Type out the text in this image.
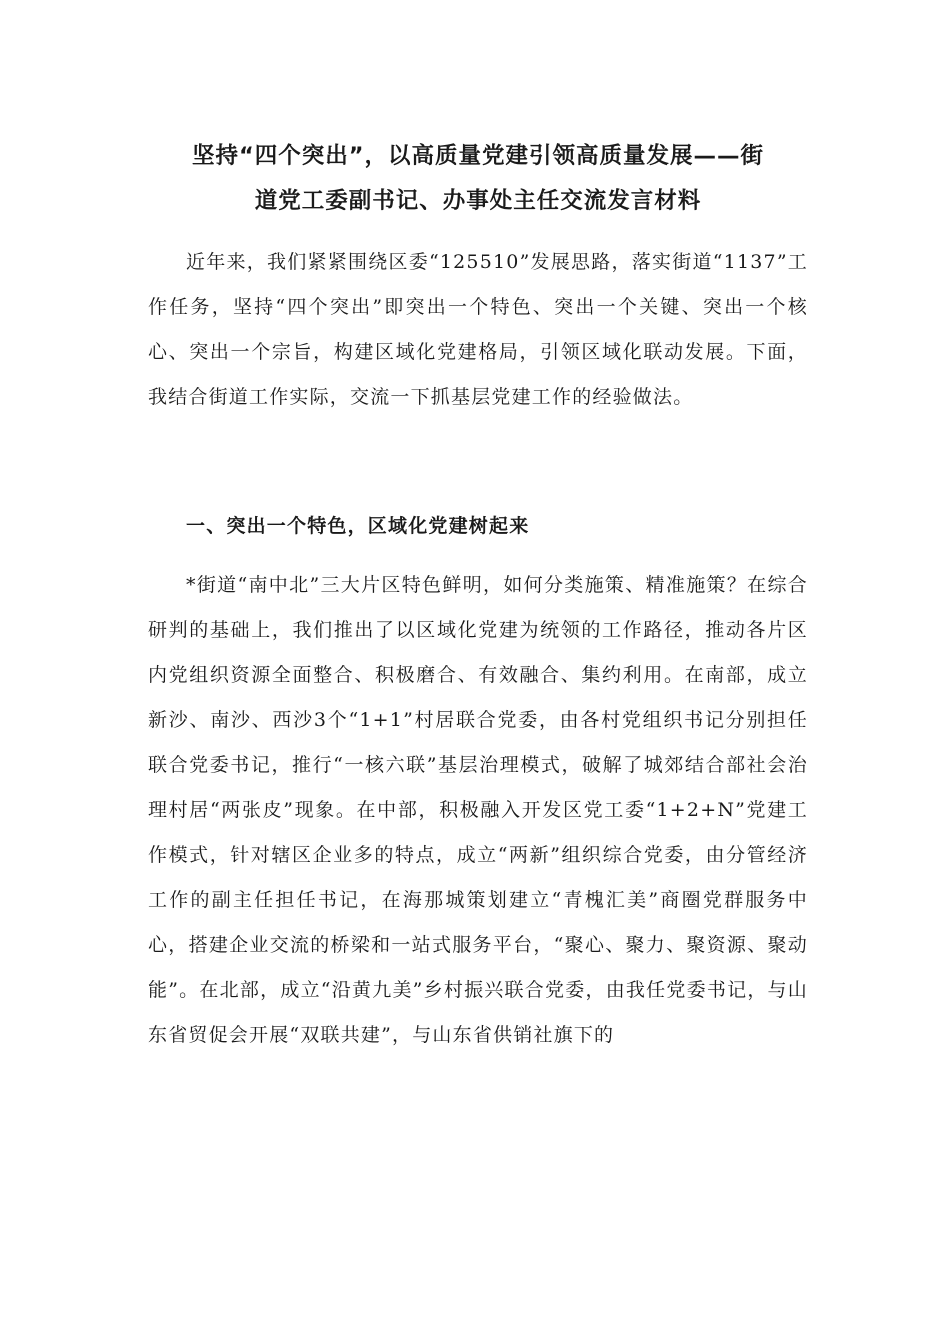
坚持“四个突出”，以高质量党建引领高质量发展——街
道党工委副书记、办事处主任交流发言材料

近年来，我们紧紧围绕区委“125510”发展思路，落实街道“1137”工作任务，坚持“四个突出”即突出一个特色、突出一个关键、突出一个核心、突出一个宗旨，构建区域化党建格局，引领区域化联动发展。下面，我结合街道工作实际，交流一下抓基层党建工作的经验做法。

一、突出一个特色，区域化党建树起来

*街道“南中北”三大片区特色鲜明，如何分类施策、精准施策？在综合研判的基础上，我们推出了以区域化党建为统领的工作路径，推动各片区内党组织资源全面整合、积极磨合、有效融合、集约利用。在南部，成立新沙、南沙、西沙3个“1+1”村居联合党委，由各村党组织书记分别担任联合党委书记，推行“一核六联”基层治理模式，破解了城郊结合部社会治理村居“两张皮”现象。在中部，积极融入开发区党工委“1+2+N”党建工作模式，针对辖区企业多的特点，成立“两新”组织综合党委，由分管经济工作的副主任担任书记，在海那城策划建立“青槐汇美”商圈党群服务中心，搭建企业交流的桥梁和一站式服务平台，“聚心、聚力、聚资源、聚动能”。在北部，成立“沿黄九美”乡村振兴联合党委，由我任党委书记，与山东省贸促会开展“双联共建”，与山东省供销社旗下的
